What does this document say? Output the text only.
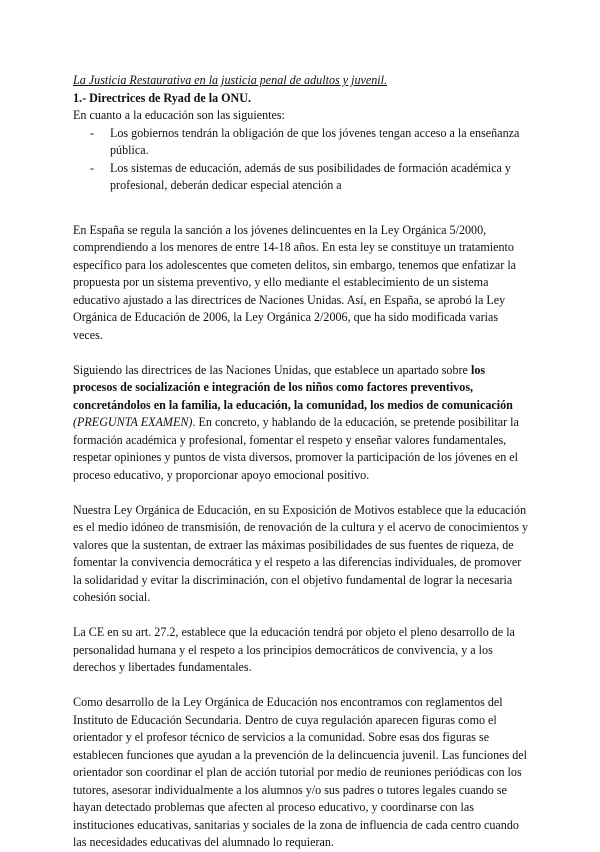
La Justicia Restaurativa en la justicia penal de adultos y juvenil.
1.- Directrices de Ryad de la ONU.

En cuanto a la educación son las siguientes:

- Los gobiernos tendrán la obligación de que los jóvenes tengan acceso a la enseñanza pública.
- Los sistemas de educación, además de sus posibilidades de formación académica y profesional, deberán dedicar especial atención a

En España se regula la sanción a los jóvenes delincuentes en la Ley Orgánica 5/2000, comprendiendo a los menores de entre 14-18 años. En esta ley se constituye un tratamiento específico para los adolescentes que cometen delitos, sin embargo, tenemos que enfatizar la propuesta por un sistema preventivo, y ello mediante el establecimiento de un sistema educativo ajustado a las directrices de Naciones Unidas. Así, en España, se aprobó la Ley Orgánica de Educación de 2006, la Ley Orgánica 2/2006, que ha sido modificada varias veces.

Siguiendo las directrices de las Naciones Unidas, que establece un apartado sobre los procesos de socialización e integración de los niños como factores preventivos, concretándolos en la familia, la educación, la comunidad, los medios de comunicación (PREGUNTA EXAMEN). En concreto, y hablando de la educación, se pretende posibilitar la formación académica y profesional, fomentar el respeto y enseñar valores fundamentales, respetar opiniones y puntos de vista diversos, promover la participación de los jóvenes en el proceso educativo, y proporcionar apoyo emocional positivo.

Nuestra Ley Orgánica de Educación, en su Exposición de Motivos establece que la educación es el medio idóneo de transmisión, de renovación de la cultura y el acervo de conocimientos y valores que la sustentan, de extraer las máximas posibilidades de sus fuentes de riqueza, de fomentar la convivencia democrática y el respeto a las diferencias individuales, de promover la solidaridad y evitar la discriminación, con el objetivo fundamental de lograr la necesaria cohesión social.

La CE en su art. 27.2, establece que la educación tendrá por objeto el pleno desarrollo de la personalidad humana y el respeto a los principios democráticos de convivencia, y a los derechos y libertades fundamentales.

Como desarrollo de la Ley Orgánica de Educación nos encontramos con reglamentos del Instituto de Educación Secundaria. Dentro de cuya regulación aparecen figuras como el orientador y el profesor técnico de servicios a la comunidad. Sobre esas dos figuras se establecen funciones que ayudan a la prevención de la delincuencia juvenil. Las funciones del orientador son coordinar el plan de acción tutorial por medio de reuniones periódicas con los tutores, asesorar individualmente a los alumnos y/o sus padres o tutores legales cuando se hayan detectado problemas que afecten al proceso educativo, y coordinarse con las instituciones educativas, sanitarias y sociales de la zona de influencia de cada centro cuando las necesidades educativas del alumnado lo requieran.
